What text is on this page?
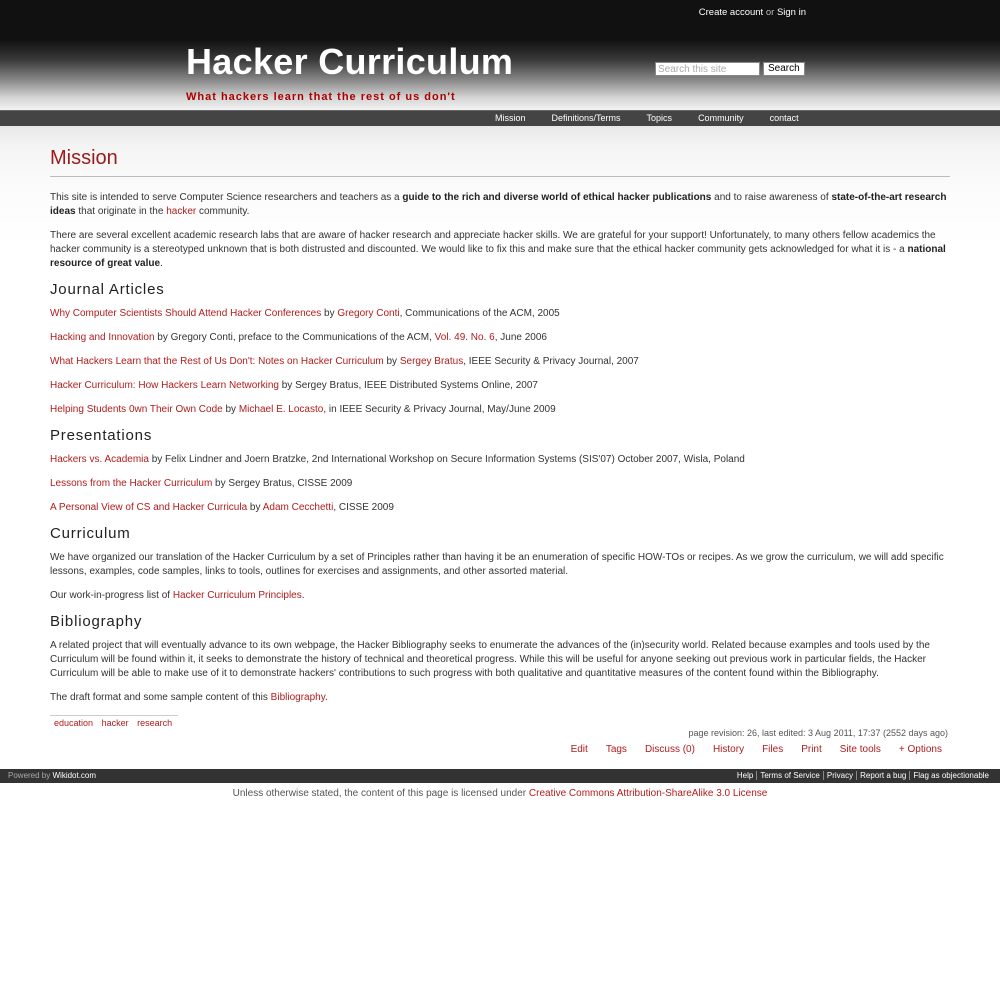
Create account or Sign in
Hacker Curriculum
What hackers learn that the rest of us don't
Search this site
Search
Mission	Definitions/Terms	Topics	Community	contact
Mission

This site is intended to serve Computer Science researchers and teachers as a guide to the rich and diverse world of ethical hacker publications and to raise awareness of state-of-the-art research ideas that originate in the hacker community.

There are several excellent academic research labs that are aware of hacker research and appreciate hacker skills. We are grateful for your support! Unfortunately, to many others fellow academics the hacker community is a stereotyped unknown that is both distrusted and discounted. We would like to fix this and make sure that the ethical hacker community gets acknowledged for what it is - a national resource of great value.

Journal Articles
Why Computer Scientists Should Attend Hacker Conferences by Gregory Conti, Communications of the ACM, 2005
Hacking and Innovation by Gregory Conti, preface to the Communications of the ACM, Vol. 49. No. 6, June 2006
What Hackers Learn that the Rest of Us Don't: Notes on Hacker Curriculum by Sergey Bratus, IEEE Security & Privacy Journal, 2007
Hacker Curriculum: How Hackers Learn Networking by Sergey Bratus, IEEE Distributed Systems Online, 2007
Helping Students 0wn Their Own Code by Michael E. Locasto, in IEEE Security & Privacy Journal, May/June 2009
Presentations
Hackers vs. Academia by Felix Lindner and Joern Bratzke, 2nd International Workshop on Secure Information Systems (SIS'07) October 2007, Wisla, Poland
Lessons from the Hacker Curriculum by Sergey Bratus, CISSE 2009
A Personal View of CS and Hacker Curricula by Adam Cecchetti, CISSE 2009
Curriculum

We have organized our translation of the Hacker Curriculum by a set of Principles rather than having it be an enumeration of specific HOW-TOs or recipes. As we grow the curriculum, we will add specific lessons, examples, code samples, links to tools, outlines for exercises and assignments, and other assorted material.

Our work-in-progress list of Hacker Curriculum Principles.

Bibliography

A related project that will eventually advance to its own webpage, the Hacker Bibliography seeks to enumerate the advances of the (in)security world. Related because examples and tools used by the Curriculum will be found within it, it seeks to demonstrate the history of technical and theoretical progress. While this will be useful for anyone seeking out previous work in particular fields, the Hacker Curriculum will be able to make use of it to demonstrate hackers' contributions to such progress with both qualitative and quantitative measures of the content found within the Bibliography.

The draft format and some sample content of this Bibliography.

education hacker research
page revision: 26, last edited: 3 Aug 2011, 17:37 (2552 days ago)
Edit Tags Discuss (0) History Files Print Site tools + Options
Powered by Wikidot.com	Help Terms of Service Privacy Report a bug Flag as objectionable
Unless otherwise stated, the content of this page is licensed under Creative Commons Attribution-ShareAlike 3.0 License
